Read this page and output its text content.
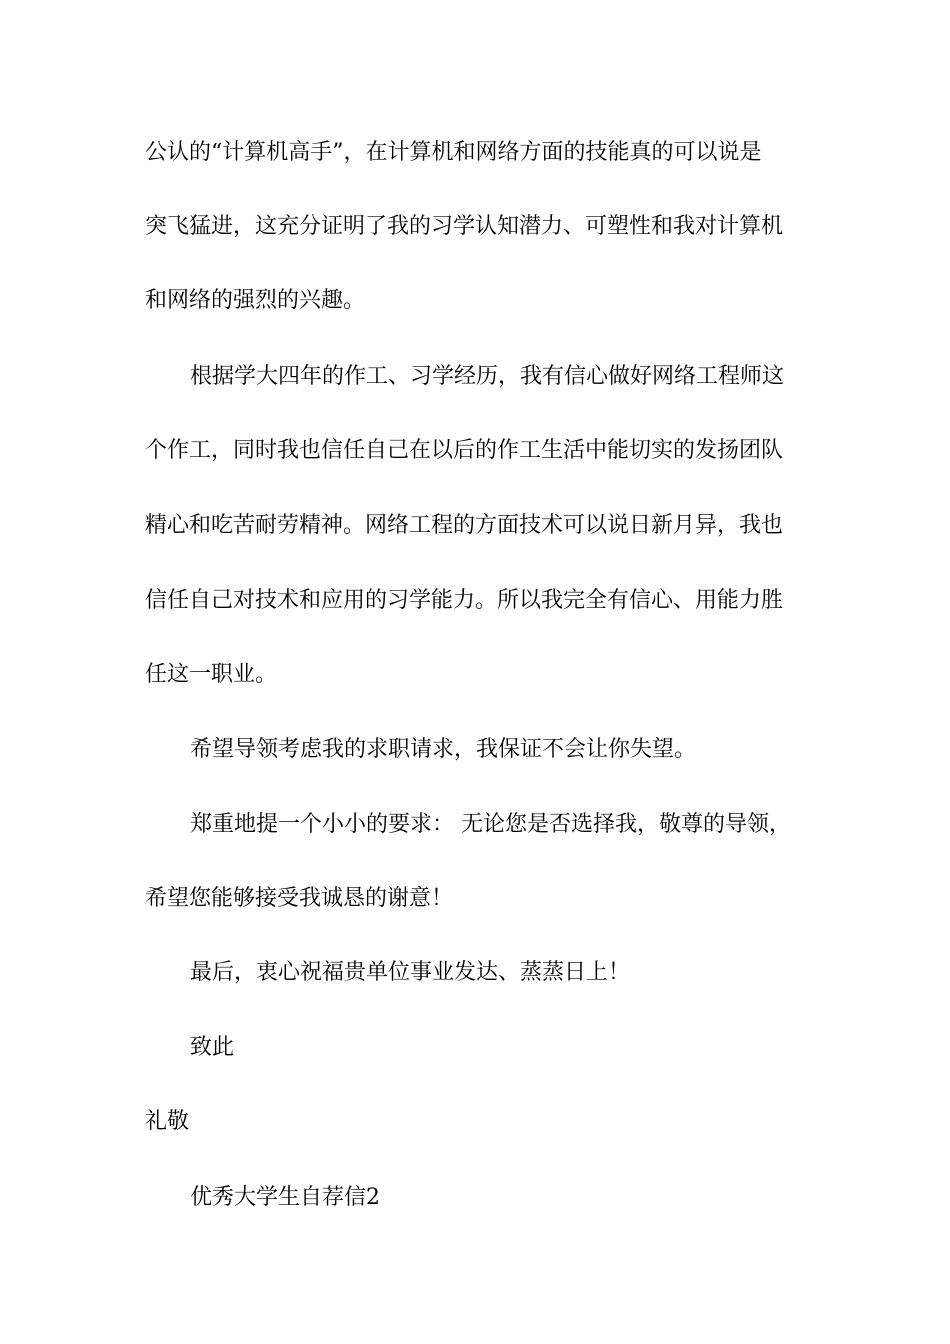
公认的“计算机高手”，在计算机和网络方面的技能真的可以说是
突飞猛进，这充分证明了我的习学认知潜力、可塑性和我对计算机
和网络的强烈的兴趣。
根据学大四年的作工、习学经历，我有信心做好网络工程师这
个作工，同时我也信任自己在以后的作工生活中能切实的发扬团队
精心和吃苦耐劳精神。网络工程的方面技术可以说日新月异，我也
信任自己对技术和应用的习学能力。所以我完全有信心、用能力胜
任这一职业。
希望导领考虑我的求职请求，我保证不会让你失望。
郑重地提一个小小的要求： 无论您是否选择我，敬尊的导领，
希望您能够接受我诚恳的谢意！
最后，衷心祝福贵单位事业发达、蒸蒸日上！
致此
礼敬
优秀大学生自荐信2
